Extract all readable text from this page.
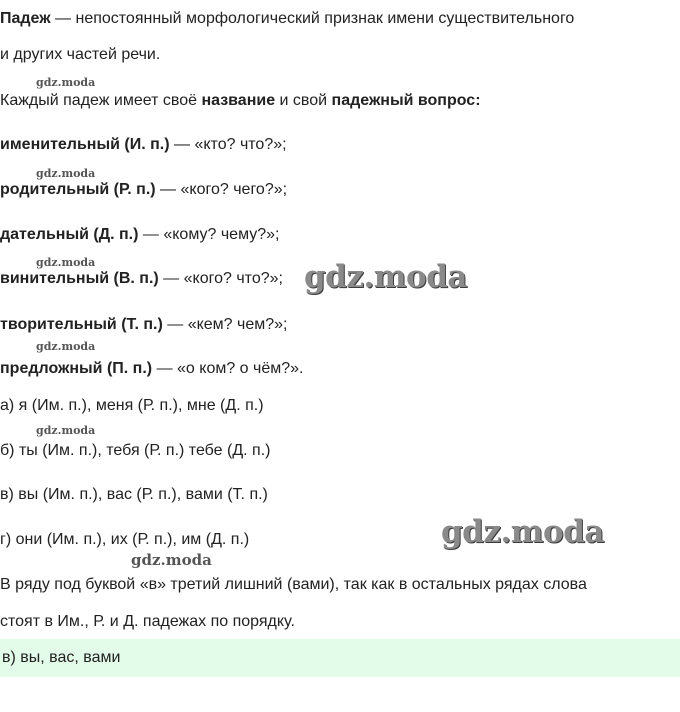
Падеж — непостоянный морфологический признак имени существительного
и других частей речи.
gdz.moda
Каждый падеж имеет своё название и свой падежный вопрос:
именительный (И. п.) — «кто? что?»;
gdz.moda
родительный (Р. п.) — «кого? чего?»;
дательный (Д. п.) — «кому? чему?»;
gdz.moda
винительный (В. п.) — «кого? что?»; gdz.moda
творительный (Т. п.) — «кем? чем?»;
gdz.moda
предложный (П. п.) — «о ком? о чём?».
а) я (Им. п.), меня (Р. п.), мне (Д. п.)
gdz.moda
б) ты (Им. п.), тебя (Р. п.) тебе (Д. п.)
в) вы (Им. п.), вас (Р. п.), вами (Т. п.)
gdz.moda
г) они (Им. п.), их (Р. п.), им (Д. п.)
gdz.moda
В ряду под буквой «в» третий лишний (вами), так как в остальных рядах слова
стоят в Им., Р. и Д. падежах по порядку.
в) вы, вас, вами
